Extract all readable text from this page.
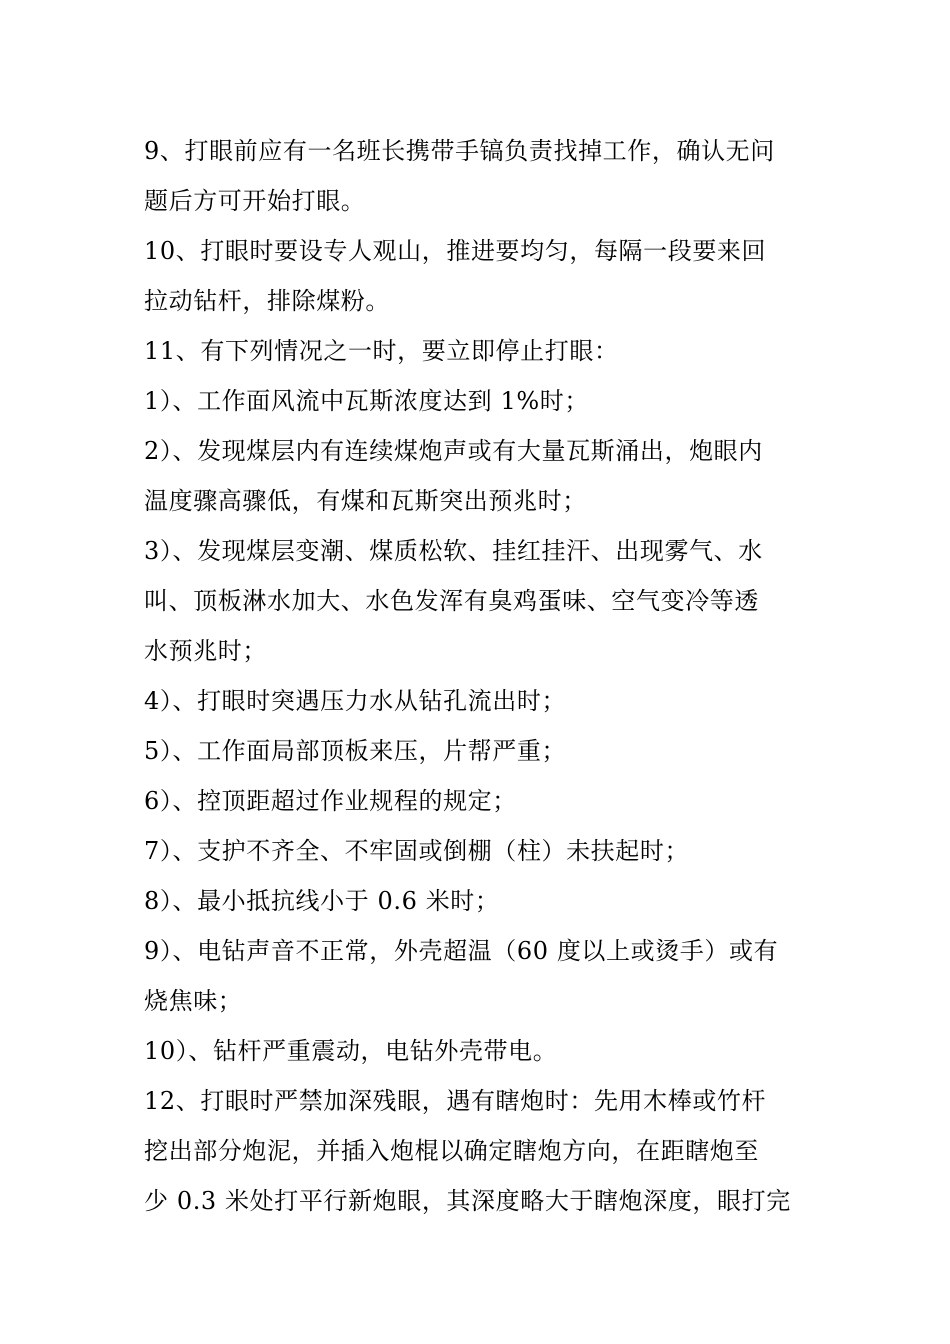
9、打眼前应有一名班长携带手镐负责找掉工作，确认无问
题后方可开始打眼。
10、打眼时要设专人观山，推进要均匀，每隔一段要来回
拉动钻杆，排除煤粉。
11、有下列情况之一时，要立即停止打眼：
1）、工作面风流中瓦斯浓度达到 1%时；
2）、发现煤层内有连续煤炮声或有大量瓦斯涌出，炮眼内
温度骤高骤低，有煤和瓦斯突出预兆时；
3）、发现煤层变潮、煤质松软、挂红挂汗、出现雾气、水
叫、顶板淋水加大、水色发浑有臭鸡蛋味、空气变冷等透
水预兆时；
4）、打眼时突遇压力水从钻孔流出时；
5）、工作面局部顶板来压，片帮严重；
6）、控顶距超过作业规程的规定；
7）、支护不齐全、不牢固或倒棚（柱）未扶起时；
8）、最小抵抗线小于 0.6 米时；
9）、电钻声音不正常，外壳超温（60 度以上或烫手）或有
烧焦味；
10）、钻杆严重震动，电钻外壳带电。
12、打眼时严禁加深残眼，遇有瞎炮时：先用木棒或竹杆
挖出部分炮泥，并插入炮棍以确定瞎炮方向，在距瞎炮至
少 0.3 米处打平行新炮眼，其深度略大于瞎炮深度，眼打完
